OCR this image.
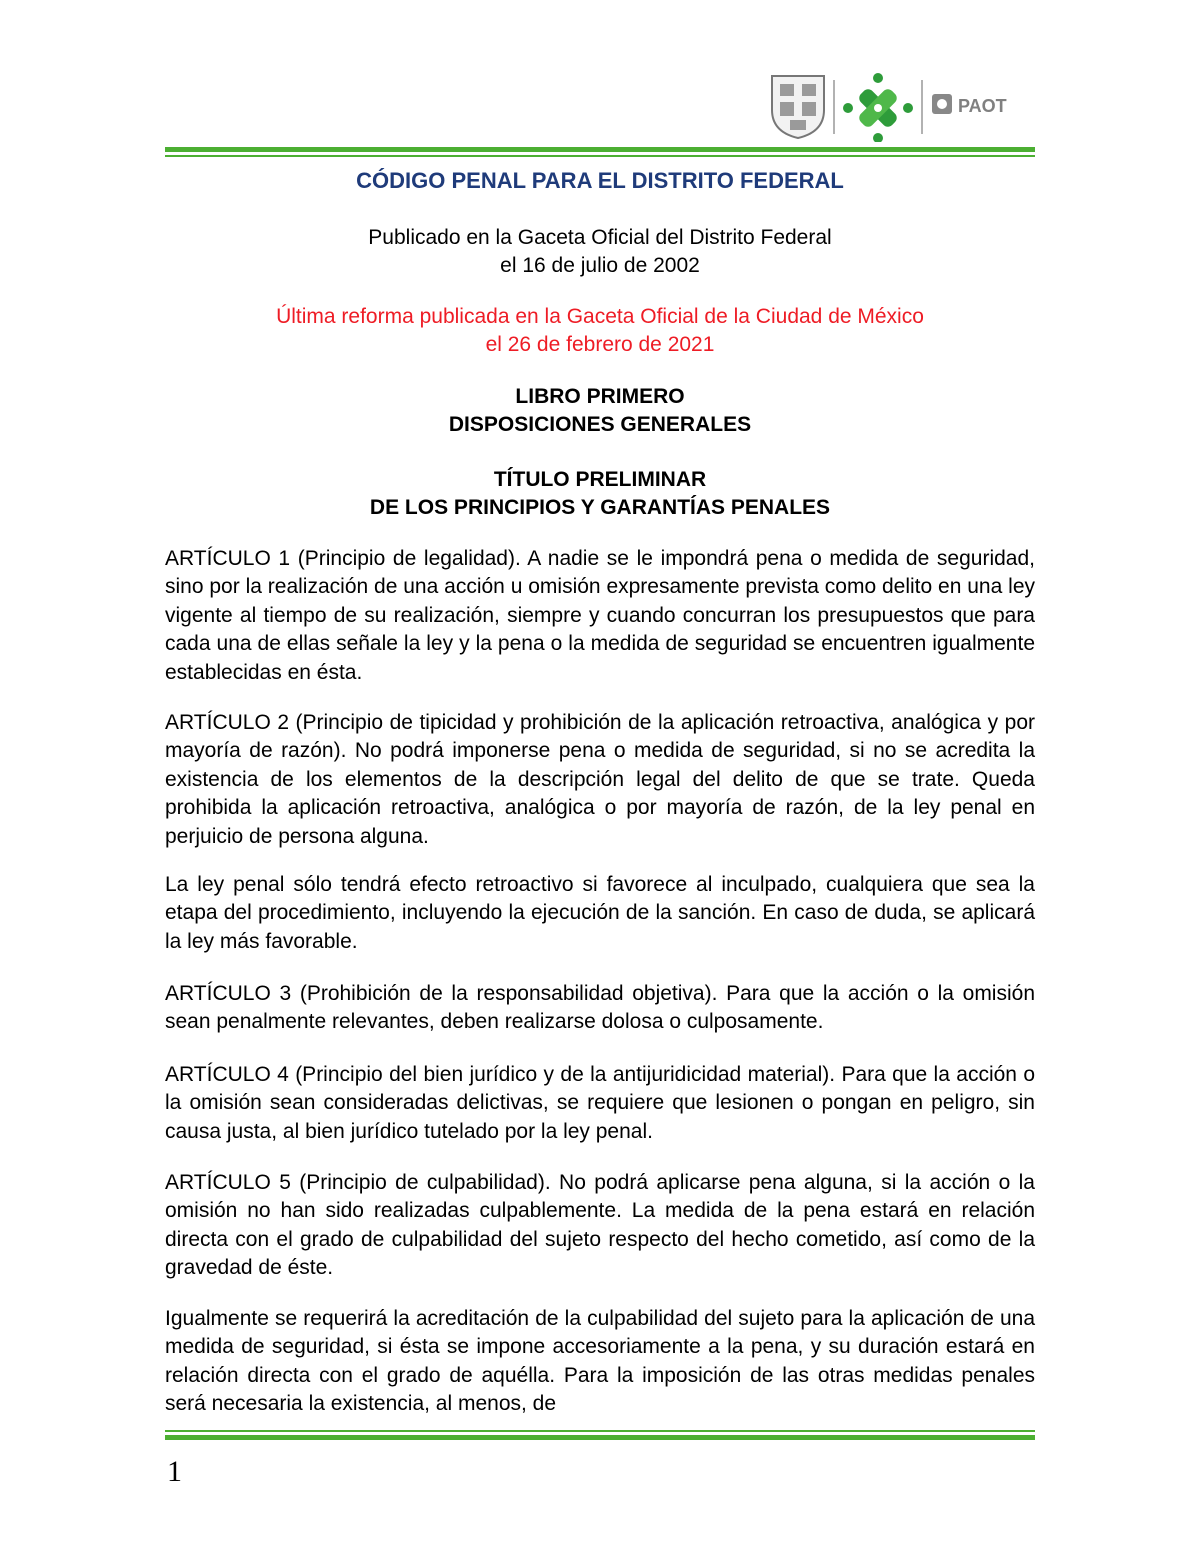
PAOT
CÓDIGO PENAL PARA EL DISTRITO FEDERAL
Publicado en la Gaceta Oficial del Distrito Federal
el 16 de julio de 2002
Última reforma publicada en la Gaceta Oficial de la Ciudad de México
el 26 de febrero de 2021
LIBRO PRIMERO
DISPOSICIONES GENERALES
TÍTULO PRELIMINAR
DE LOS PRINCIPIOS Y GARANTÍAS PENALES

ARTÍCULO 1 (Principio de legalidad). A nadie se le impondrá pena o medida de seguridad, sino por la realización de una acción u omisión expresamente prevista como delito en una ley vigente al tiempo de su realización, siempre y cuando concurran los presupuestos que para cada una de ellas señale la ley y la pena o la medida de seguridad se encuentren igualmente establecidas en ésta.

ARTÍCULO 2 (Principio de tipicidad y prohibición de la aplicación retroactiva, analógica y por mayoría de razón). No podrá imponerse pena o medida de seguridad, si no se acredita la existencia de los elementos de la descripción legal del delito de que se trate. Queda prohibida la aplicación retroactiva, analógica o por mayoría de razón, de la ley penal en perjuicio de persona alguna.

La ley penal sólo tendrá efecto retroactivo si favorece al inculpado, cualquiera que sea la etapa del procedimiento, incluyendo la ejecución de la sanción. En caso de duda, se aplicará la ley más favorable.

ARTÍCULO 3 (Prohibición de la responsabilidad objetiva). Para que la acción o la omisión sean penalmente relevantes, deben realizarse dolosa o culposamente.

ARTÍCULO 4 (Principio del bien jurídico y de la antijuridicidad material). Para que la acción o la omisión sean consideradas delictivas, se requiere que lesionen o pongan en peligro, sin causa justa, al bien jurídico tutelado por la ley penal.

ARTÍCULO 5 (Principio de culpabilidad). No podrá aplicarse pena alguna, si la acción o la omisión no han sido realizadas culpablemente. La medida de la pena estará en relación directa con el grado de culpabilidad del sujeto respecto del hecho cometido, así como de la gravedad de éste.

Igualmente se requerirá la acreditación de la culpabilidad del sujeto para la aplicación de una medida de seguridad, si ésta se impone accesoriamente a la pena, y su duración estará en relación directa con el grado de aquélla. Para la imposición de las otras medidas penales será necesaria la existencia, al menos, de

1
